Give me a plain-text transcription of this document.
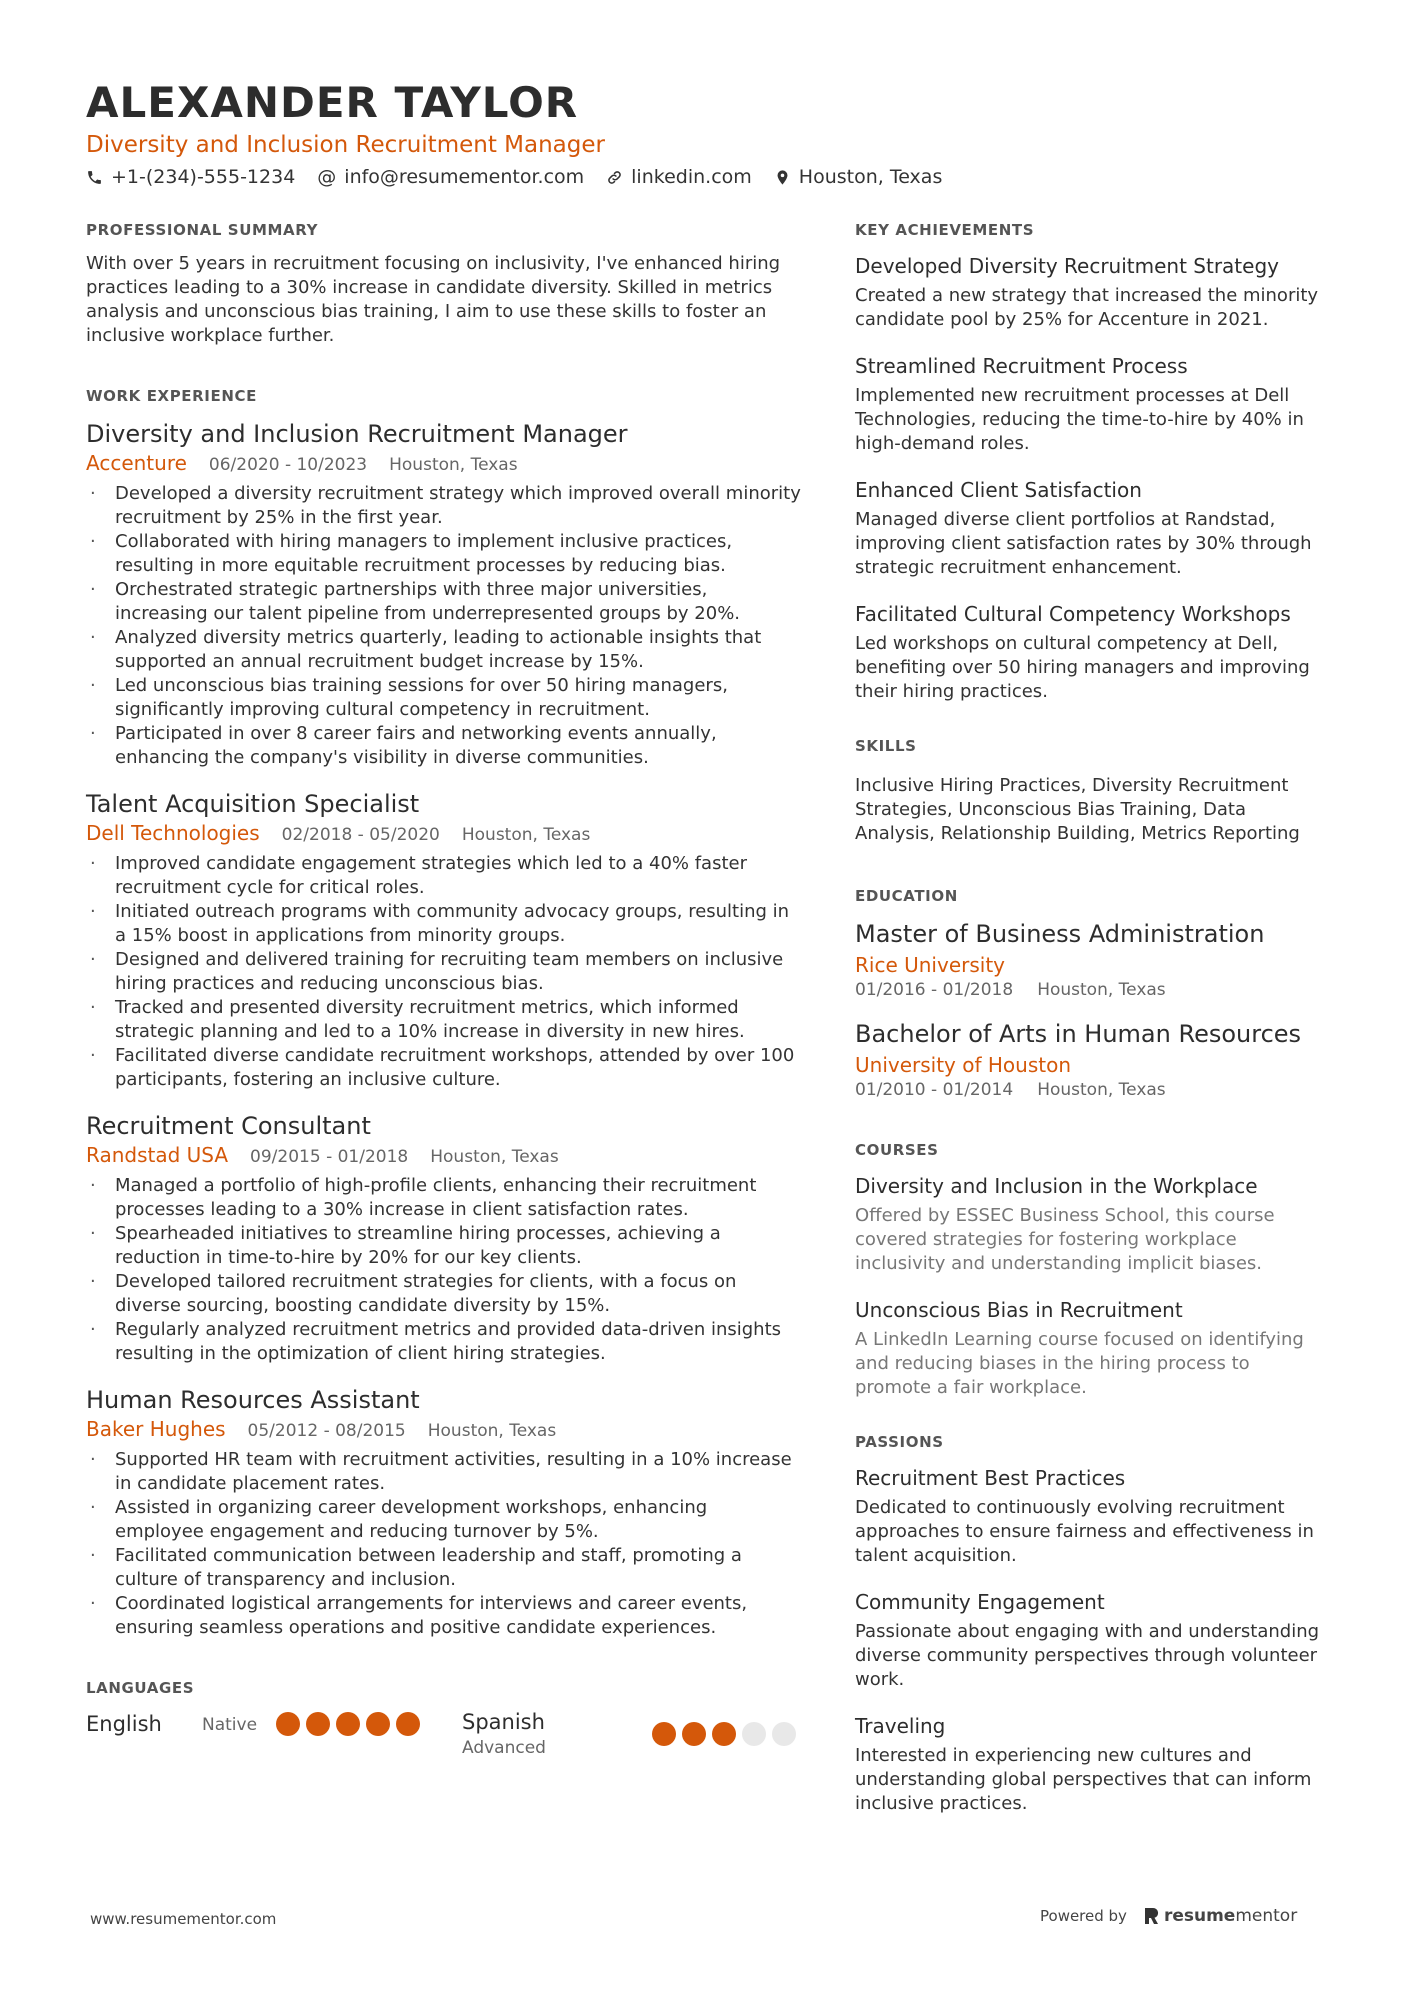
ALEXANDER TAYLOR
Diversity and Inclusion Recruitment Manager
+1-(234)-555-1234 @ info@resumementor.com linkedin.com Houston, Texas
PROFESSIONAL SUMMARY

With over 5 years in recruitment focusing on inclusivity, I've enhanced hiring practices leading to a 30% increase in candidate diversity. Skilled in metrics analysis and unconscious bias training, I aim to use these skills to foster an inclusive workplace further.

WORK EXPERIENCE
Diversity and Inclusion Recruitment Manager
Accenture 06/2020 - 10/2023 Houston, Texas
· Developed a diversity recruitment strategy which improved overall minority recruitment by 25% in the first year.
· Collaborated with hiring managers to implement inclusive practices, resulting in more equitable recruitment processes by reducing bias.
· Orchestrated strategic partnerships with three major universities, increasing our talent pipeline from underrepresented groups by 20%.
· Analyzed diversity metrics quarterly, leading to actionable insights that supported an annual recruitment budget increase by 15%.
· Led unconscious bias training sessions for over 50 hiring managers, significantly improving cultural competency in recruitment.
· Participated in over 8 career fairs and networking events annually, enhancing the company's visibility in diverse communities.
Talent Acquisition Specialist
Dell Technologies 02/2018 - 05/2020 Houston, Texas
· Improved candidate engagement strategies which led to a 40% faster recruitment cycle for critical roles.
· Initiated outreach programs with community advocacy groups, resulting in a 15% boost in applications from minority groups.
· Designed and delivered training for recruiting team members on inclusive hiring practices and reducing unconscious bias.
· Tracked and presented diversity recruitment metrics, which informed strategic planning and led to a 10% increase in diversity in new hires.
· Facilitated diverse candidate recruitment workshops, attended by over 100 participants, fostering an inclusive culture.
Recruitment Consultant
Randstad USA 09/2015 - 01/2018 Houston, Texas
· Managed a portfolio of high-profile clients, enhancing their recruitment processes leading to a 30% increase in client satisfaction rates.
· Spearheaded initiatives to streamline hiring processes, achieving a reduction in time-to-hire by 20% for our key clients.
· Developed tailored recruitment strategies for clients, with a focus on diverse sourcing, boosting candidate diversity by 15%.
· Regularly analyzed recruitment metrics and provided data-driven insights resulting in the optimization of client hiring strategies.
Human Resources Assistant
Baker Hughes 05/2012 - 08/2015 Houston, Texas
· Supported HR team with recruitment activities, resulting in a 10% increase in candidate placement rates.
· Assisted in organizing career development workshops, enhancing employee engagement and reducing turnover by 5%.
· Facilitated communication between leadership and staff, promoting a culture of transparency and inclusion.
· Coordinated logistical arrangements for interviews and career events, ensuring seamless operations and positive candidate experiences.
LANGUAGES
English Native	Spanish
Advanced
KEY ACHIEVEMENTS
Developed Diversity Recruitment Strategy
Created a new strategy that increased the minority candidate pool by 25% for Accenture in 2021.
Streamlined Recruitment Process
Implemented new recruitment processes at Dell Technologies, reducing the time-to-hire by 40% in high-demand roles.
Enhanced Client Satisfaction
Managed diverse client portfolios at Randstad, improving client satisfaction rates by 30% through strategic recruitment enhancement.
Facilitated Cultural Competency Workshops
Led workshops on cultural competency at Dell, benefiting over 50 hiring managers and improving their hiring practices.
SKILLS

Inclusive Hiring Practices, Diversity Recruitment Strategies, Unconscious Bias Training, Data Analysis, Relationship Building, Metrics Reporting

EDUCATION
Master of Business Administration
Rice University
01/2016 - 01/2018 Houston, Texas
Bachelor of Arts in Human Resources
University of Houston
01/2010 - 01/2014 Houston, Texas
COURSES
Diversity and Inclusion in the Workplace
Offered by ESSEC Business School, this course covered strategies for fostering workplace inclusivity and understanding implicit biases.
Unconscious Bias in Recruitment
A LinkedIn Learning course focused on identifying and reducing biases in the hiring process to promote a fair workplace.
PASSIONS
Recruitment Best Practices
Dedicated to continuously evolving recruitment approaches to ensure fairness and effectiveness in talent acquisition.
Community Engagement
Passionate about engaging with and understanding diverse community perspectives through volunteer work.
Traveling
Interested in experiencing new cultures and understanding global perspectives that can inform inclusive practices.
www.resumementor.com	Powered by resumementor
